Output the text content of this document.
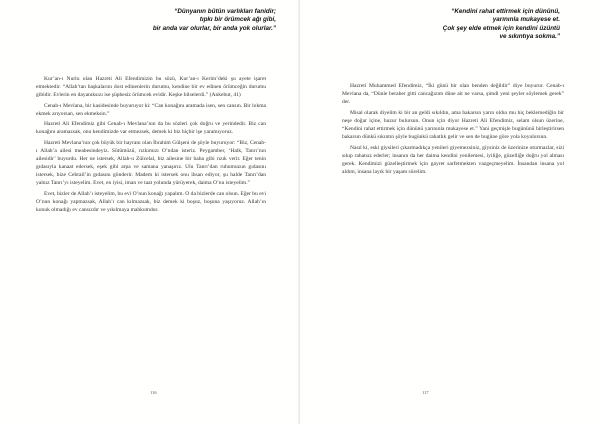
“Dünyanın bütün varlıkları fanidir;
tıpkı bir örümcek ağı gibi,
bir anda var olurlar, bir anda yok olurlar.”

Kur’an-ı Nurlu olan Hazreti Ali Efendimizin bu sözü, Kur’an-ı Kerim’deki şu ayete işaret etmektedir. “Allah’tan başkalarını dost edinenlerin durumu, kendine bir ev edinen örümceğin durumu gibidir. Evlerin en dayanıksızı ise şüphesiz örümcek evidir. Keşke bilselerdi.” (Ankebut, 41)

Cenab-ı Mevlana, bir kasidesinde buyuruyor ki: “Can konağını aramada isen, sen cansın. Bir lokma ekmek arıyorsan, sen ekmeksin.”

Hazreti Ali Efendimiz gibi Cenab-ı Mevlana’nın da bu sözleri çok doğru ve yerindedir. Biz can konağını aramazsak, onu kendimizde var etmezsek, demek ki biz hiçbir işe yaramıyoruz.

Hazreti Mevlana’nın çok büyük bir hayranı olan İbrahim Gülşeni de şöyle buyuruyor: “Biz, Cenab-ı Allah’a ailesi meabesindeyiz. Sütümüzü, rızkımızı O’ndan isteriz. Peygamber, ‘Halk, Tanrı’nın ailesidir’ buyurdu. Her ne istersek, Allah-u Zülcelal, biz ailesine bir baba gibi rızık verir. Eğer tenin gıdasıyla kanaat edersek, eşek gibi arpa ve samana yanaşırız. Ulu Tanrı’dan ruhumuzun gıdasını istersek, bize Cebrail’in gıdasını gönderir. Madem ki istersek onu ihsan ediyor, şu halde Tanrı’dan yalnız Tanrı’yı isteyelim. Evet, en iyisi, iman ve taat yolunda yürüyerek, daima O’nu isteyelim.”

Evet, bizler de Allah’ı isteyelim, bu evi O’nun konağı yapalım. O da bizlerde can olsun. Eğer bu evi O’nun konağı yapmazsak, Allah’ı can kılmazsak, biz demek ki boşuz, boşuna yaşıyoruz. Allah’ın konuk olmadığı ev cansızdır ve yıkılmaya mahkumdur.

116
“Kendini rahat ettirmek için dününü,
yarınınla mukayese et.
Çok şey elde etmek için kendini üzüntü
ve sıkıntıya sokma.”

Hazreti Muhammed Efendimiz, “İki günü bir olan benden değildir” diye buyurur. Cenab-ı Mevlana da, “Dünle beraber gitti cancağızım düne ait ne varsa, şimdi yeni şeyler söylemek gerek” der.

Misal olarak diyelim ki bir an geldi sıkıldın, ama bakarsın yarın olduı mu hiç beklemediğin bir neşe doğar içine, huzur bulursun. Onun için diyor Hazreti Ali Efendimiz, selam olsun üzerine, “Kendini rahat ettirmek için dününü yarınınla mukayese et.” Yani geçmişle bugününü birleştirirsen bakarsın dünkü sıkıntın şöyle bugünkü rahatlık gelir ve sen de bugüne göre yola koyulursun.

Nasıl ki, eski giysileri çıkarmadıkça yenileri giyemezsiniz, giysiniz de üzerinize oturmazlar, sizi sıkıp rahatsız ederler; insanın da her daima kendini yenilemesi, iyiliğe, güzelliğe doğru yol alması gerek. Kendimizi güzelleştirmek için gayret sarfetmekten vazgeçmeyelim. İnsandan insana yol aldım, insana layık bir yaşam sürelim.

117
